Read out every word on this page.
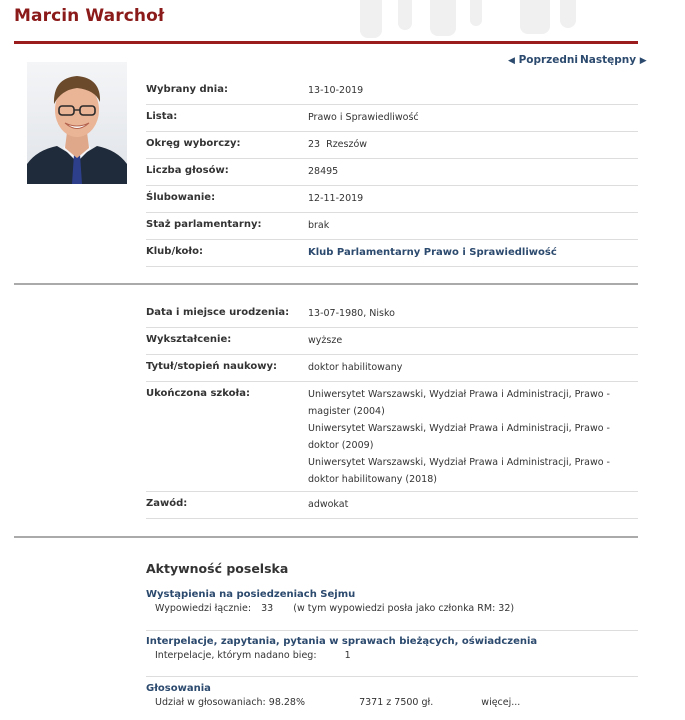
Marcin Warchoł
◀ Poprzedni Następny ▶
Wybrany dnia:	13-10-2019
Lista:	Prawo i Sprawiedliwość
Okręg wyborczy:	23 Rzeszów
Liczba głosów:	28495
Ślubowanie:	12-11-2019
Staż parlamentarny:	brak
Klub/koło:	Klub Parlamentarny Prawo i Sprawiedliwość
Data i miejsce urodzenia: 13-07-1980, Nisko
Wykształcenie:	wyższe
Tytuł/stopień naukowy:	doktor habilitowany
Ukończona szkoła:	Uniwersytet Warszawski, Wydział Prawa i Administracji, Prawo - magister (2004)
Uniwersytet Warszawski, Wydział Prawa i Administracji, Prawo - doktor (2009)
Uniwersytet Warszawski, Wydział Prawa i Administracji, Prawo - doktor habilitowany (2018)
Zawód:	adwokat
Aktywność poselska
Wystąpienia na posiedzeniach Sejmu
Wypowiedzi łącznie: 33 (w tym wypowiedzi posła jako członka RM: 32)
Interpelacje, zapytania, pytania w sprawach bieżących, oświadczenia
Interpelacje, którym nadano bieg:	1
Głosowania
Udział w głosowaniach: 98.28%	7371 z 7500 gł.	więcej...
